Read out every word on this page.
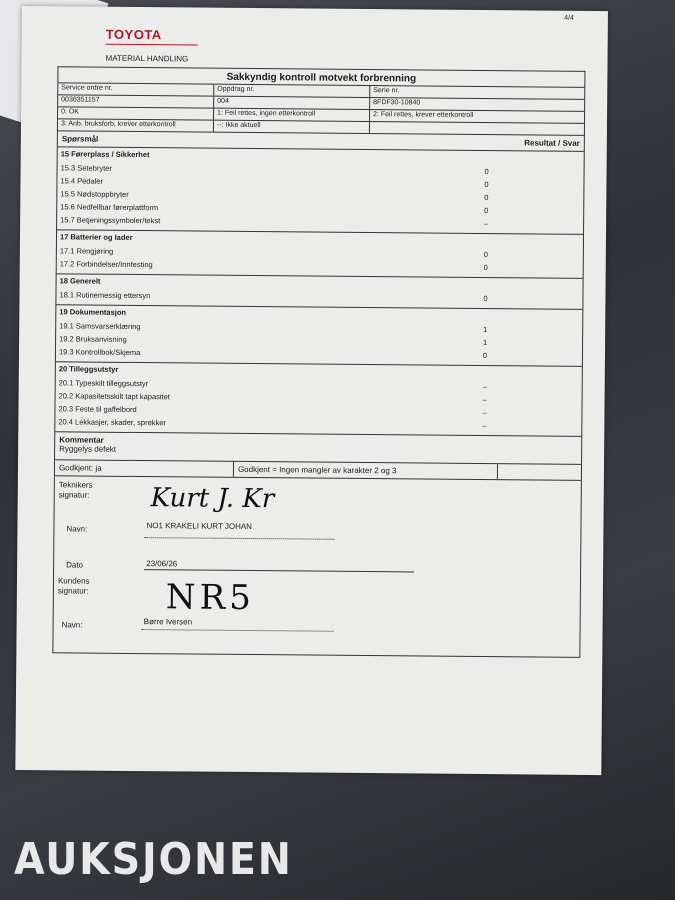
4/4
TOYOTA
MATERIAL HANDLING
Sakkyndig kontroll motvekt forbrenning
Service ordre nr.	Oppdrag nr.	Serie nr.
0036351157	004	8FDF30-10840
0: OK	1: Feil rettes, ingen etterkontroll	2: Feil rettes, krever etterkontroll
3: Anb. bruksforb, krever etterkontroll	--: Ikke aktuell
Spørsmål	Resultat / Svar
15 Førerplass / Sikkerhet
15.3 Setebryter	0
15.4 Pedaler	0
15.5 Nødstoppbryter	0
15.6 Nedfellbar førerplattform	0
15.7 Betjeningssymboler/tekst	–
17 Batterier og lader
17.1 Rengjøring	0
17.2 Forbindelser/Innfesting	0
18 Generelt
18.1 Rutinemessig ettersyn	0
19 Dokumentasjon
19.1 Samsvarserklæring	1
19.2 Bruksanvisning	1
19.3 Kontrollbok/Skjema	0
20 Tilleggsutstyr
20.1 Typeskilt tilleggsutstyr	–
20.2 Kapasitetsskilt tapt kapasitet	–
20.3 Feste til gaffelbord	–
20.4 Lekkasjer, skader, sprekker	–
Kommentar
Ryggelys defekt
Godkjent: ja	Godkjent = Ingen mangler av karakter 2 og 3
Teknikers signatur:	Kurt J. Kr
Navn:	NO1 KRAKELI KURT JOHAN
Dato	23/06/26
Kundens signatur:	NR5
Navn:	Børre Iversen
AUKSJONEN
